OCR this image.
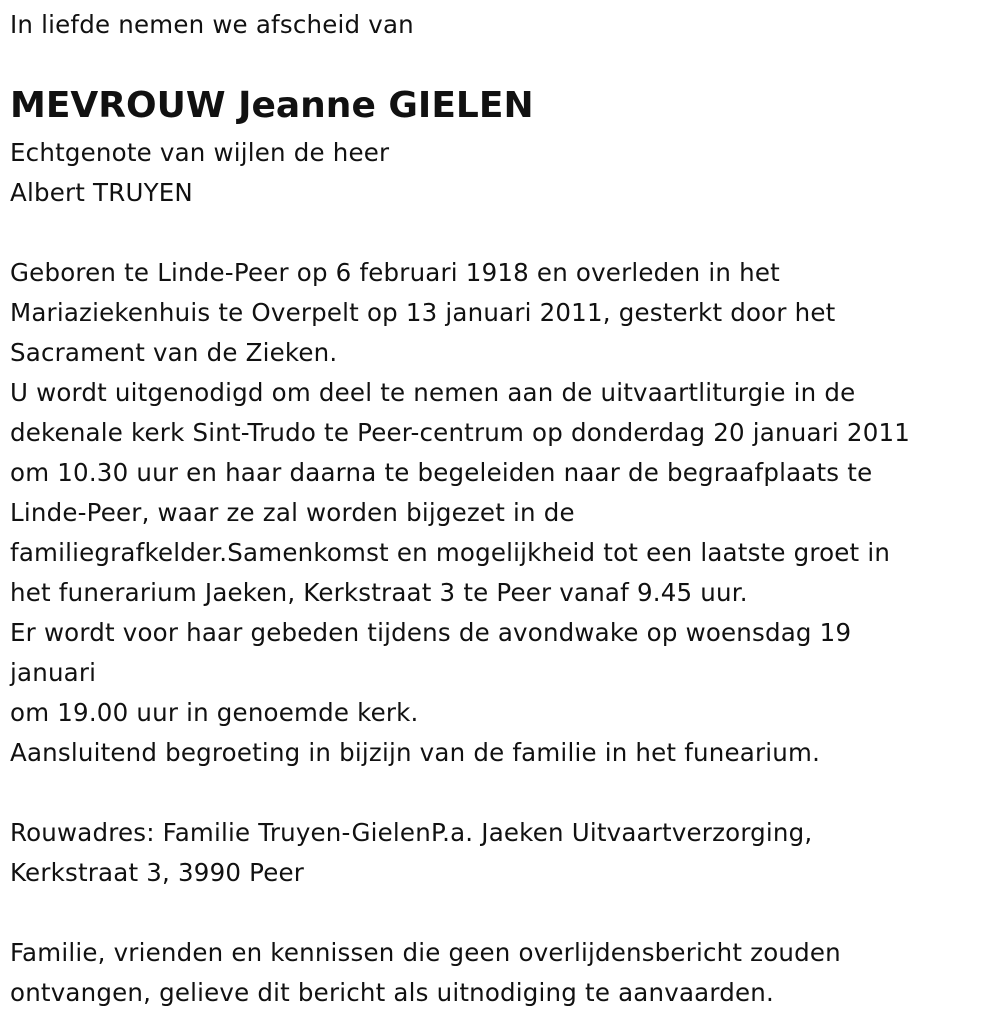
In liefde nemen we afscheid van
MEVROUW Jeanne GIELEN
Echtgenote van wijlen de heer
Albert TRUYEN
Geboren te Linde-Peer op 6 februari 1918 en overleden in het
Mariaziekenhuis te Overpelt op 13 januari 2011, gesterkt door het
Sacrament van de Zieken.
U wordt uitgenodigd om deel te nemen aan de uitvaartliturgie in de
dekenale kerk Sint-Trudo te Peer-centrum op donderdag 20 januari 2011
om 10.30 uur en haar daarna te begeleiden naar de begraafplaats te
Linde-Peer, waar ze zal worden bijgezet in de
familiegrafkelder.Samenkomst en mogelijkheid tot een laatste groet in
het funerarium Jaeken, Kerkstraat 3 te Peer vanaf 9.45 uur.
Er wordt voor haar gebeden tijdens de avondwake op woensdag 19
januari
om 19.00 uur in genoemde kerk.
Aansluitend begroeting in bijzijn van de familie in het funearium.
Rouwadres: Familie Truyen-GielenP.a. Jaeken Uitvaartverzorging,
Kerkstraat 3, 3990 Peer
Familie, vrienden en kennissen die geen overlijdensbericht zouden
ontvangen, gelieve dit bericht als uitnodiging te aanvaarden.
